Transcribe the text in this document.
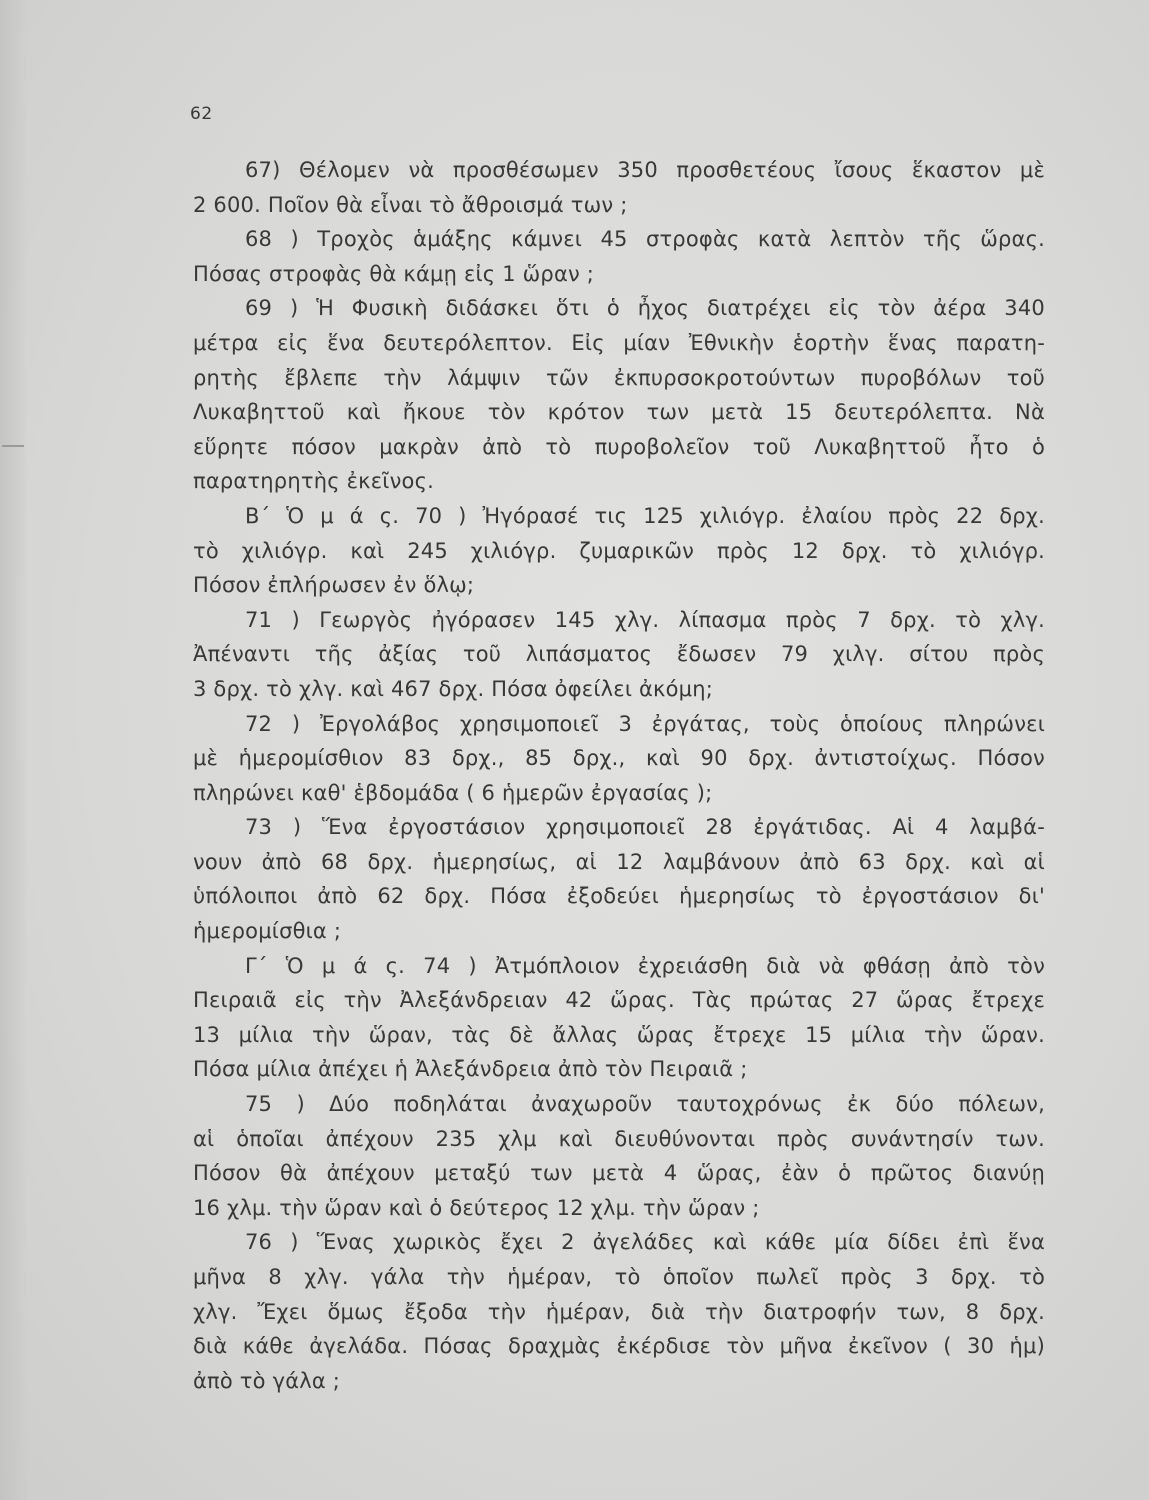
62
67) Θέλομεν νὰ προσθέσωμεν 350 προσθετέους ἴσους ἕκαστον μὲ
2 600. Ποῖον θὰ εἶναι τὸ ἄθροισμά των ;
68 ) Τροχὸς ἁμάξης κάμνει 45 στροφὰς κατὰ λεπτὸν τῆς ὥρας.
Πόσας στροφὰς θὰ κάμῃ εἰς 1 ὥραν ;
69 ) Ἡ Φυσικὴ διδάσκει ὅτι ὁ ἦχος διατρέχει εἰς τὸν ἀέρα 340
μέτρα εἰς ἕνα δευτερόλεπτον. Εἰς μίαν Ἐθνικὴν ἑορτὴν ἕνας παρατη-
ρητὴς ἔβλεπε τὴν λάμψιν τῶν ἐκπυρσοκροτούντων πυροβόλων τοῦ
Λυκαβηττοῦ καὶ ἤκουε τὸν κρότον των μετὰ 15 δευτερόλεπτα. Νὰ
εὕρητε πόσον μακρὰν ἀπὸ τὸ πυροβολεῖον τοῦ Λυκαβηττοῦ ἦτο ὁ
παρατηρητὴς ἐκεῖνος.
Β΄ Ὁ μ ά ς. 70 ) Ἠγόρασέ τις 125 χιλιόγρ. ἐλαίου πρὸς 22 δρχ.
τὸ χιλιόγρ. καὶ 245 χιλιόγρ. ζυμαρικῶν πρὸς 12 δρχ. τὸ χιλιόγρ.
Πόσον ἐπλήρωσεν ἐν ὅλῳ;
71 ) Γεωργὸς ἠγόρασεν 145 χλγ. λίπασμα πρὸς 7 δρχ. τὸ χλγ.
Ἀπέναντι τῆς ἀξίας τοῦ λιπάσματος ἔδωσεν 79 χιλγ. σίτου πρὸς
3 δρχ. τὸ χλγ. καὶ 467 δρχ. Πόσα ὀφείλει ἀκόμη;
72 ) Ἐργολάβος χρησιμοποιεῖ 3 ἐργάτας, τοὺς ὁποίους πληρώνει
μὲ ἡμερομίσθιον 83 δρχ., 85 δρχ., καὶ 90 δρχ. ἀντιστοίχως. Πόσον
πληρώνει καθ' ἑβδομάδα ( 6 ἡμερῶν ἐργασίας );
73 ) Ἕνα ἐργοστάσιον χρησιμοποιεῖ 28 ἐργάτιδας. Αἱ 4 λαμβά-
νουν ἀπὸ 68 δρχ. ἡμερησίως, αἱ 12 λαμβάνουν ἀπὸ 63 δρχ. καὶ αἱ
ὑπόλοιποι ἀπὸ 62 δρχ. Πόσα ἐξοδεύει ἡμερησίως τὸ ἐργοστάσιον δι'
ἡμερομίσθια ;
Γ΄ Ὁ μ ά ς. 74 ) Ἀτμόπλοιον ἐχρειάσθη διὰ νὰ φθάσῃ ἀπὸ τὸν
Πειραιᾶ εἰς τὴν Ἀλεξάνδρειαν 42 ὥρας. Τὰς πρώτας 27 ὥρας ἔτρεχε
13 μίλια τὴν ὥραν, τὰς δὲ ἄλλας ὥρας ἔτρεχε 15 μίλια τὴν ὥραν.
Πόσα μίλια ἀπέχει ἡ Ἀλεξάνδρεια ἀπὸ τὸν Πειραιᾶ ;
75 ) Δύο ποδηλάται ἀναχωροῦν ταυτοχρόνως ἐκ δύο πόλεων,
αἱ ὁποῖαι ἀπέχουν 235 χλμ καὶ διευθύνονται πρὸς συνάντησίν των.
Πόσον θὰ ἀπέχουν μεταξύ των μετὰ 4 ὥρας, ἐὰν ὁ πρῶτος διανύῃ
16 χλμ. τὴν ὥραν καὶ ὁ δεύτερος 12 χλμ. τὴν ὥραν ;
76 ) Ἕνας χωρικὸς ἔχει 2 ἀγελάδες καὶ κάθε μία δίδει ἐπὶ ἕνα
μῆνα 8 χλγ. γάλα τὴν ἡμέραν, τὸ ὁποῖον πωλεῖ πρὸς 3 δρχ. τὸ
χλγ. Ἔχει ὅμως ἔξοδα τὴν ἡμέραν, διὰ τὴν διατροφήν των, 8 δρχ.
διὰ κάθε ἀγελάδα. Πόσας δραχμὰς ἐκέρδισε τὸν μῆνα ἐκεῖνον ( 30 ἡμ)
ἀπὸ τὸ γάλα ;
